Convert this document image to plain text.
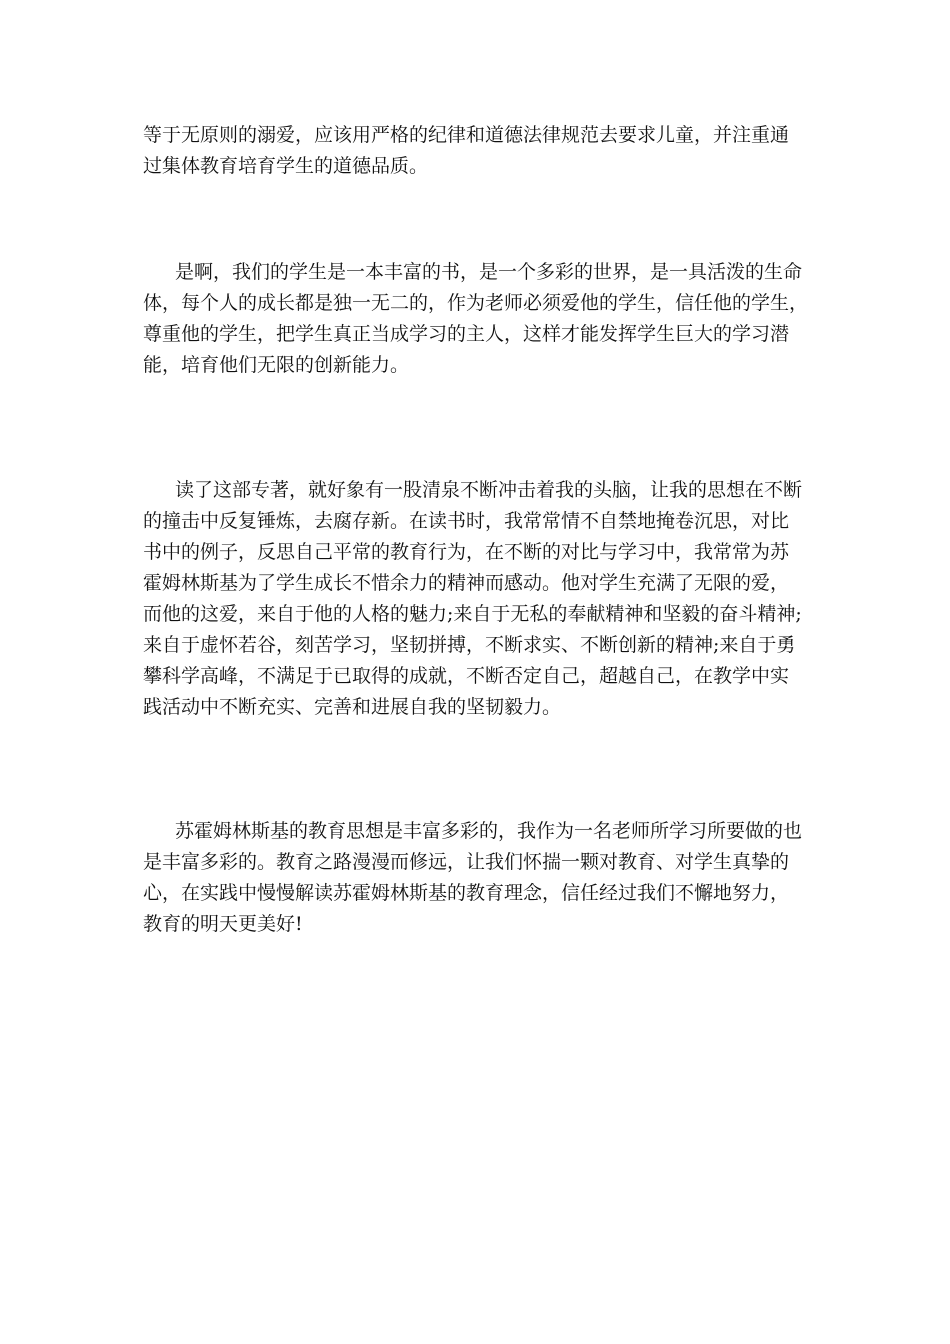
等于无原则的溺爱，应该用严格的纪律和道德法律规范去要求儿童，并注重通
过集体教育培育学生的道德品质。

是啊，我们的学生是一本丰富的书，是一个多彩的世界，是一具活泼的生命
体，每个人的成长都是独一无二的，作为老师必须爱他的学生，信任他的学生，
尊重他的学生，把学生真正当成学习的主人，这样才能发挥学生巨大的学习潜
能，培育他们无限的创新能力。

读了这部专著，就好象有一股清泉不断冲击着我的头脑，让我的思想在不断
的撞击中反复锤炼，去腐存新。在读书时，我常常情不自禁地掩卷沉思，对比
书中的例子，反思自己平常的教育行为，在不断的对比与学习中，我常常为苏
霍姆林斯基为了学生成长不惜余力的精神而感动。他对学生充满了无限的爱，
而他的这爱，来自于他的人格的魅力;来自于无私的奉献精神和坚毅的奋斗精神;
来自于虚怀若谷，刻苦学习，坚韧拼搏，不断求实、不断创新的精神;来自于勇
攀科学高峰，不满足于已取得的成就，不断否定自己，超越自己，在教学中实
践活动中不断充实、完善和进展自我的坚韧毅力。

苏霍姆林斯基的教育思想是丰富多彩的，我作为一名老师所学习所要做的也
是丰富多彩的。教育之路漫漫而修远，让我们怀揣一颗对教育、对学生真挚的
心，在实践中慢慢解读苏霍姆林斯基的教育理念，信任经过我们不懈地努力，
教育的明天更美好!
